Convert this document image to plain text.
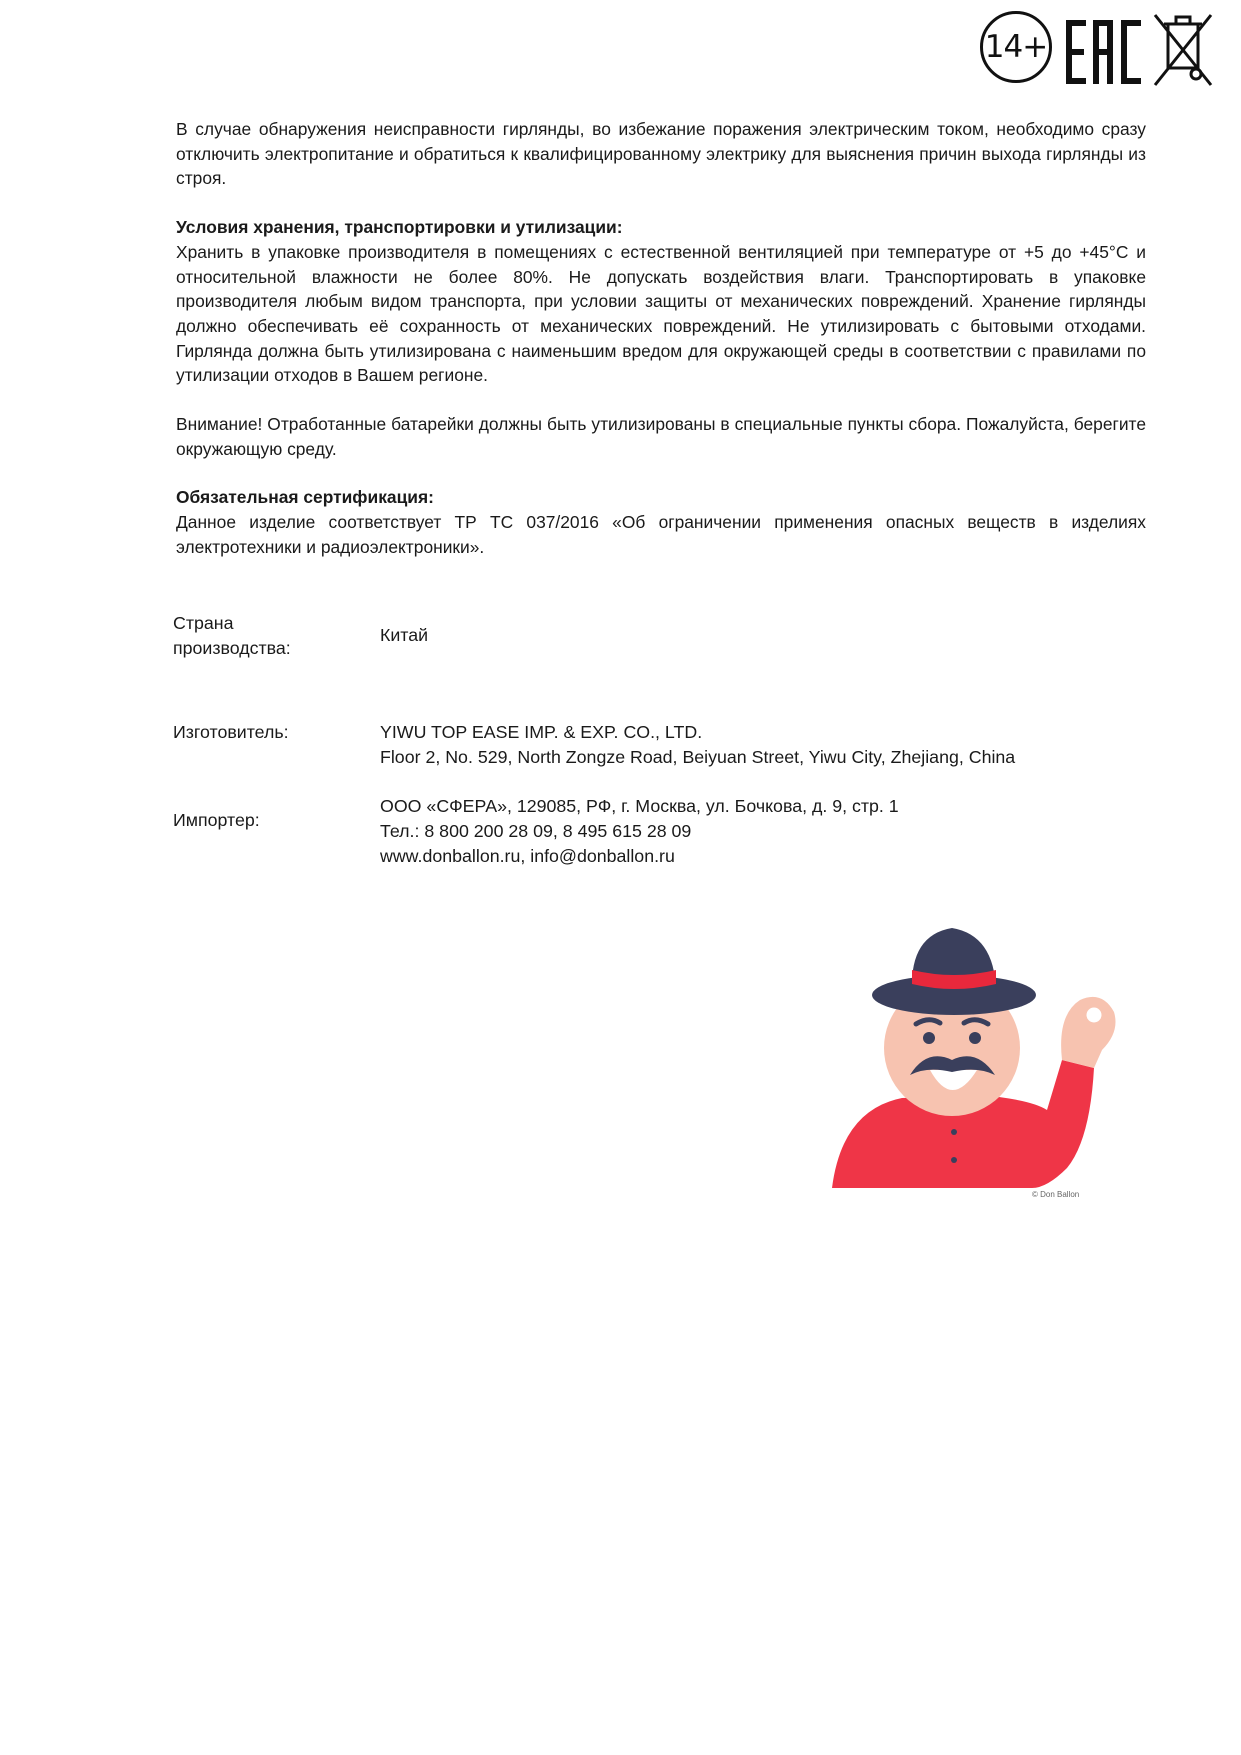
14+

В случае обнаружения неисправности гирлянды, во избежание поражения электрическим током, необходимо сразу отключить электропитание и обратиться к квалифицированному электрику для выяснения причин выхода гирлянды из строя.

Условия хранения, транспортировки и утилизации:

Хранить в упаковке производителя в помещениях с естественной вентиляцией при температуре от +5 до +45°С и относительной влажности не более 80%. Не допускать воздействия влаги. Транспортировать в упаковке производителя любым видом транспорта, при условии защиты от механических повреждений. Хранение гирлянды должно обеспечивать её сохранность от механических повреждений. Не утилизировать с бытовыми отходами. Гирлянда должна быть утилизирована с наименьшим вредом для окружающей среды в соответствии с правилами по утилизации отходов в Вашем регионе.

Внимание! Отработанные батарейки должны быть утилизированы в специальные пункты сбора. Пожалуйста, берегите окружающую среду.

Обязательная сертификация:

Данное изделие соответствует ТР ТС 037/2016 «Об ограничении применения опасных веществ в изделиях электротехники и радиоэлектроники».

Страна
производства:
Китай
Изготовитель:	YIWU TOP EASE IMP. & EXP. CO., LTD.
Floor 2, No. 529, North Zongze Road, Beiyuan Street, Yiwu City, Zhejiang, China
Импортер:
ООО «СФЕРА», 129085, РФ, г. Москва, ул. Бочкова, д. 9, стр. 1
Тел.: 8 800 200 28 09, 8 495 615 28 09
www.donballon.ru, info@donballon.ru
© Don Ballon
